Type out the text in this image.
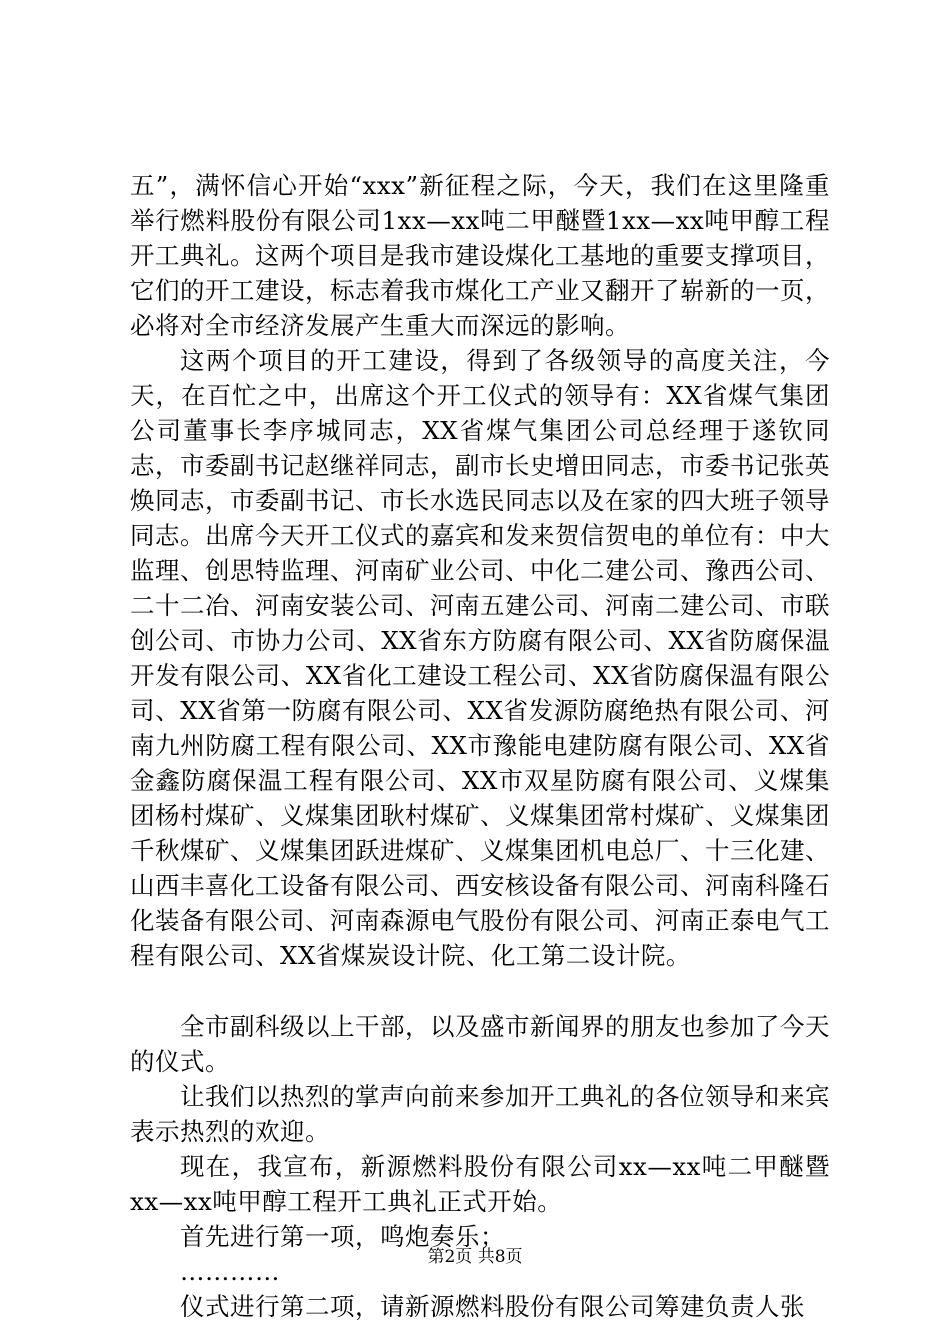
五”，满怀信心开始“xxx”新征程之际，今天，我们在这里隆重举行燃料股份有限公司1xx—xx吨二甲醚暨1xx—xx吨甲醇工程开工典礼。这两个项目是我市建设煤化工基地的重要支撑项目，它们的开工建设，标志着我市煤化工产业又翻开了崭新的一页，必将对全市经济发展产生重大而深远的影响。

这两个项目的开工建设，得到了各级领导的高度关注，今天，在百忙之中，出席这个开工仪式的领导有：XX省煤气集团公司董事长李序城同志，XX省煤气集团公司总经理于遂钦同志，市委副书记赵继祥同志，副市长史增田同志，市委书记张英焕同志，市委副书记、市长水选民同志以及在家的四大班子领导同志。出席今天开工仪式的嘉宾和发来贺信贺电的单位有：中大监理、创思特监理、河南矿业公司、中化二建公司、豫西公司、二十二冶、河南安装公司、河南五建公司、河南二建公司、市联创公司、市协力公司、XX省东方防腐有限公司、XX省防腐保温开发有限公司、XX省化工建设工程公司、XX省防腐保温有限公司、XX省第一防腐有限公司、XX省发源防腐绝热有限公司、河南九州防腐工程有限公司、XX市豫能电建防腐有限公司、XX省金鑫防腐保温工程有限公司、XX市双星防腐有限公司、义煤集团杨村煤矿、义煤集团耿村煤矿、义煤集团常村煤矿、义煤集团千秋煤矿、义煤集团跃进煤矿、义煤集团机电总厂、十三化建、山西丰喜化工设备有限公司、西安核设备有限公司、河南科隆石化装备有限公司、河南森源电气股份有限公司、河南正泰电气工程有限公司、XX省煤炭设计院、化工第二设计院。

全市副科级以上干部，以及盛市新闻界的朋友也参加了今天的仪式。

让我们以热烈的掌声向前来参加开工典礼的各位领导和来宾表示热烈的欢迎。

现在，我宣布，新源燃料股份有限公司xx—xx吨二甲醚暨xx—xx吨甲醇工程开工典礼正式开始。

首先进行第一项，鸣炮奏乐；

…………

仪式进行第二项，请新源燃料股份有限公司筹建负责人张

第2页 共8页
